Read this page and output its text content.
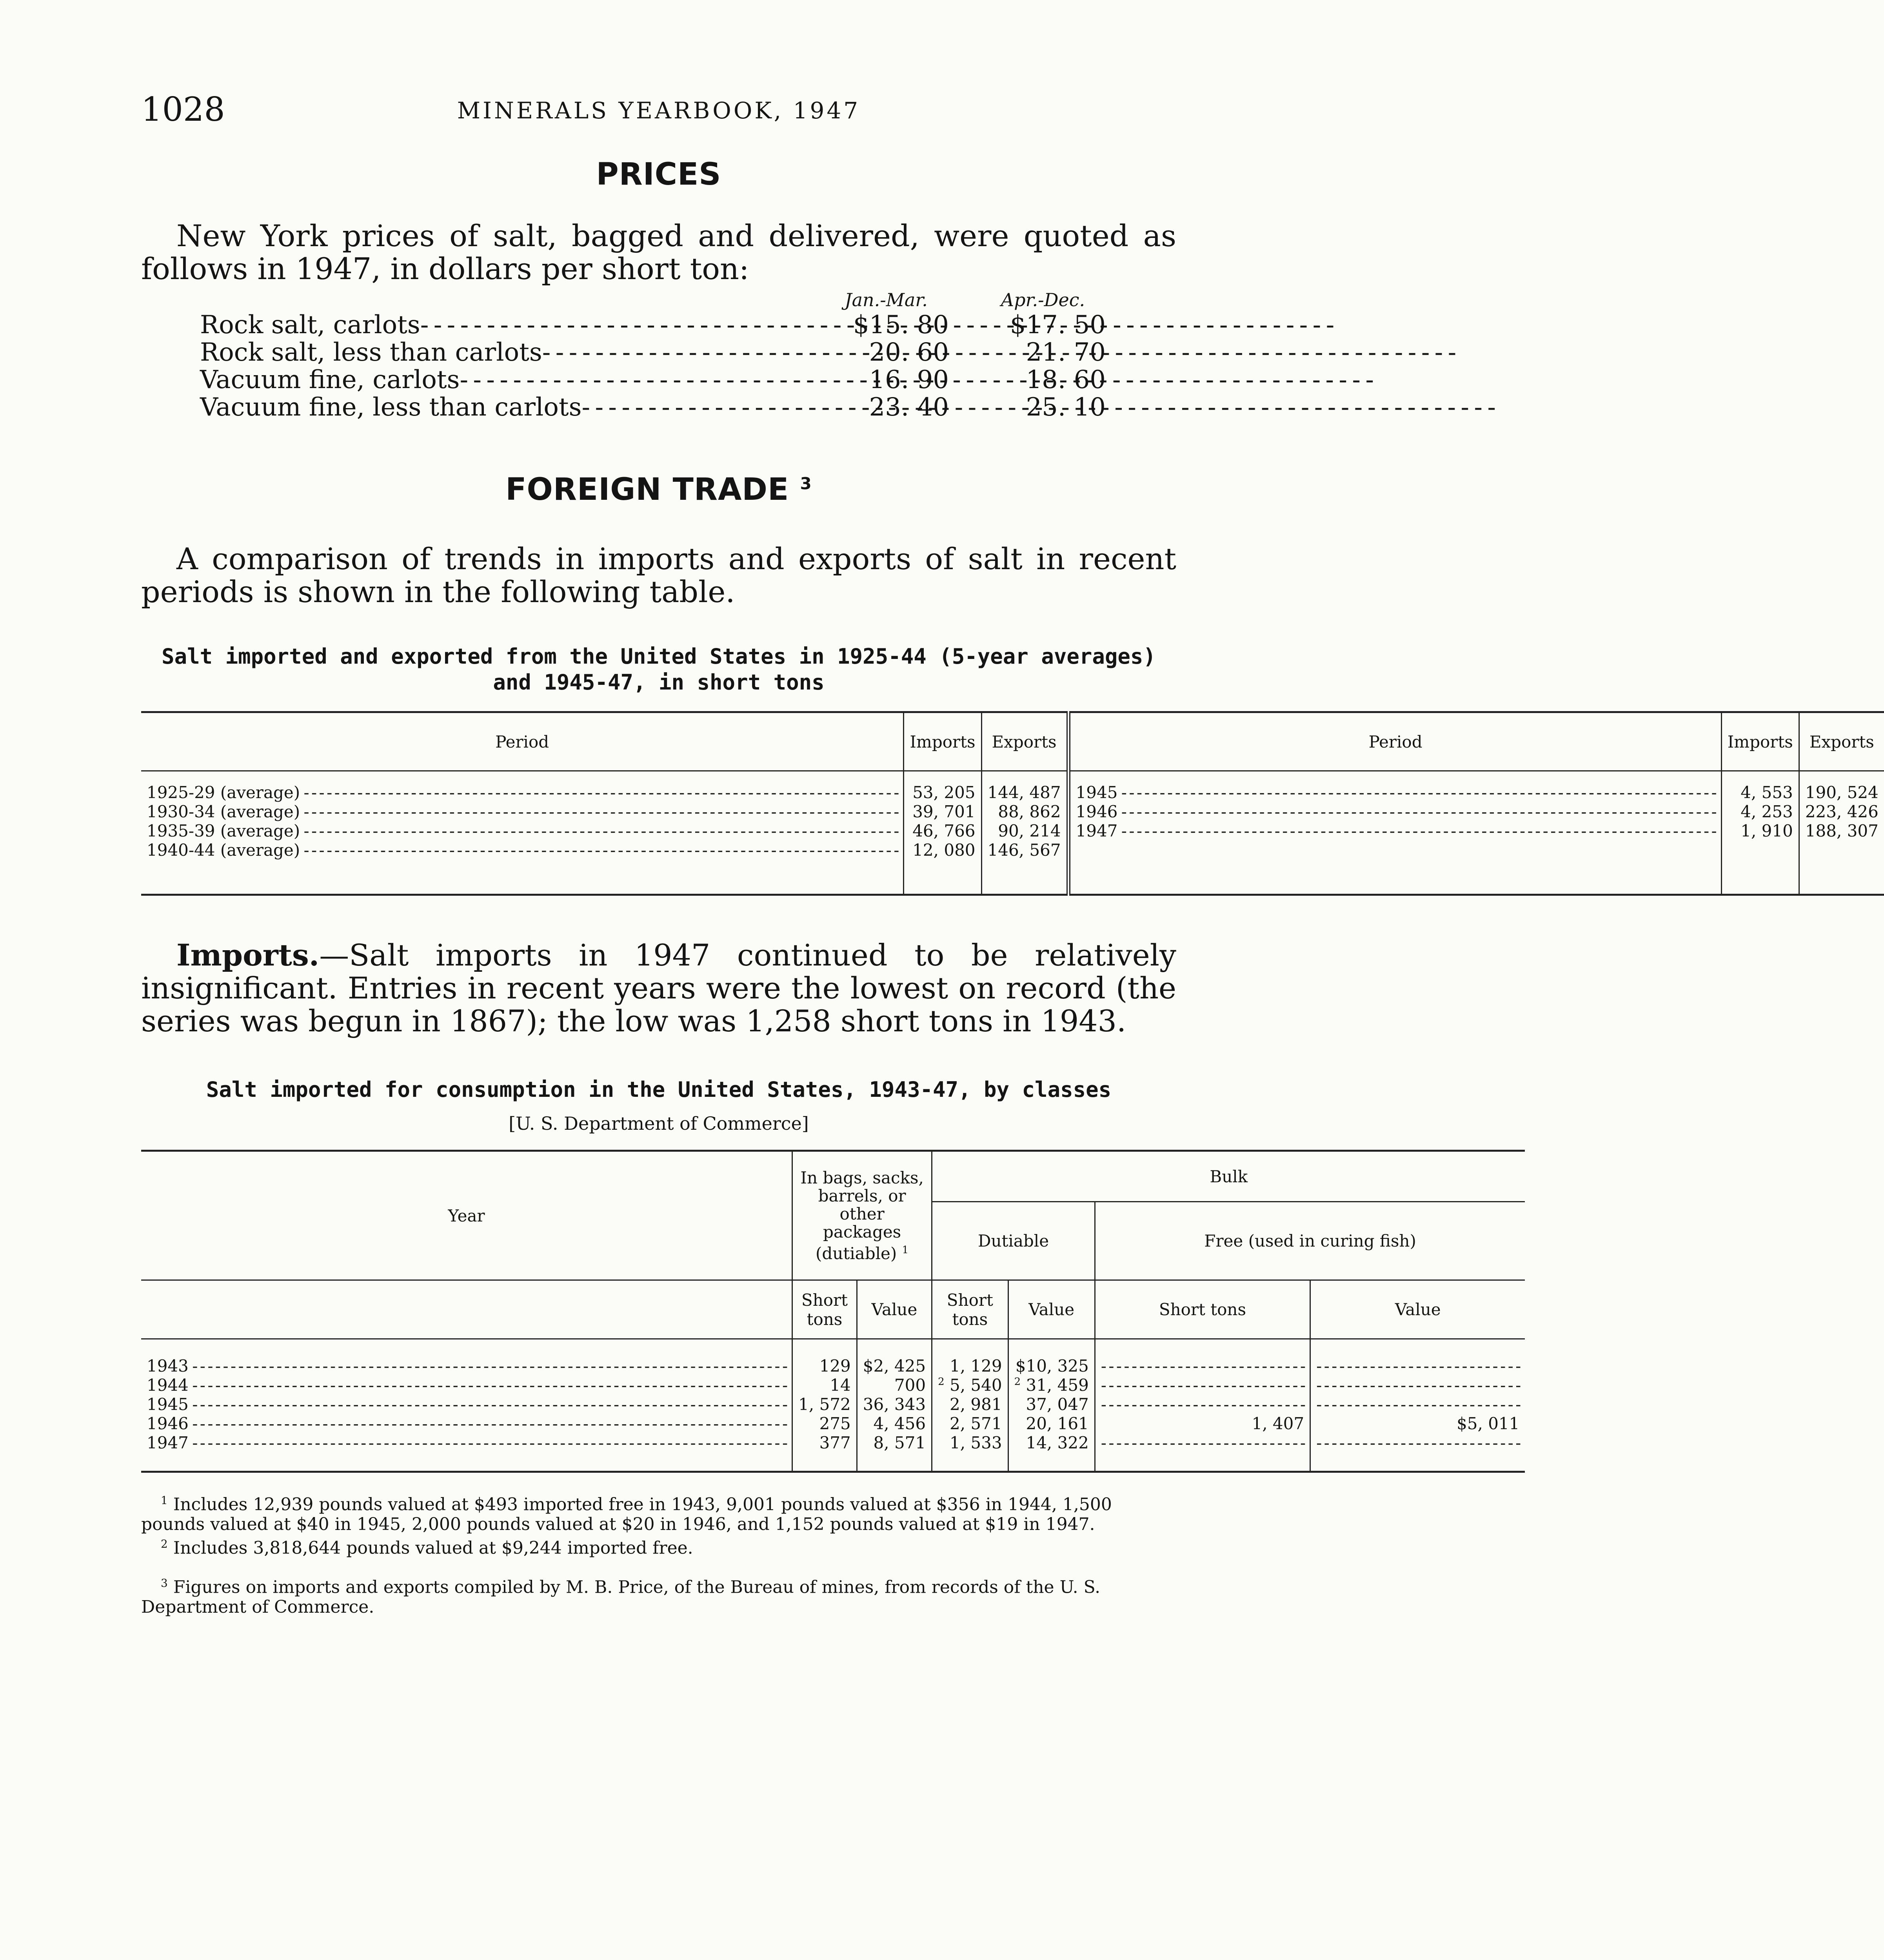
1028	MINERALS YEARBOOK, 1947
PRICES

New York prices of salt, bagged and delivered, were quoted as follows in 1947, in dollars per short ton:

Jan.-Mar.	Apr.-Dec.
Rock salt, carlots - - -	$15. 80 $17. 50
Rock salt, less than carlots - - -	20. 60	21. 70
Vacuum fine, carlots - - -	16. 90	18. 60
Vacuum fine, less than carlots - - -	23. 40	25. 10
FOREIGN TRADE $^3$

A comparison of trends in imports and exports of salt in recent periods is shown in the following table.

Salt imported and exported from the United States in 1925-44 (5-year averages) and 1945-47, in short tons
Period	Imports	Exports	Period	Imports	Exports

1925-29 (average) - - -	53, 205	144, 487	1945 - - -	4, 553	190, 524
1930-34 (average) - - -	39, 701	88, 862	1946 - - -	4, 253	223, 426
1935-39 (average) - - -	46, 766	90, 214	1947 - - -	1, 910	188, 307
1940-44 (average) - - -	12, 080	146, 567			

Imports.—Salt imports in 1947 continued to be relatively insignificant. Entries in recent years were the lowest on record (the series was begun in 1867); the low was 1,258 short tons in 1943.

Salt imported for consumption in the United States, 1943-47, by classes
[U. S. Department of Commerce]
Year	In bags, sacks, barrels, or other packages (dutiable) $^1$		Bulk			
			Dutiable		Free (used in curing fish)	
	Short tons	Value	Short tons	Value	Short tons	Value

1943 - - -	129	$2, 425	1, 129	$10, 325	- - -	- - -
1944 - - -	14	700	$^2$ 5, 540	$^2$ 31, 459	- - -	- - -
1945 - - -	1, 572	36, 343	2, 981	37, 047	- - -	- - -
1946 - - -	275	4, 456	2, 571	20, 161	1, 407	$5, 011
1947 - - -	377	8, 571	1, 533	14, 322	- - -	- - -

$^1$ Includes 12,939 pounds valued at $493 imported free in 1943, 9,001 pounds valued at $356 in 1944, 1,500 pounds valued at $40 in 1945, 2,000 pounds valued at $20 in 1946, and 1,152 pounds valued at $19 in 1947.

$^2$ Includes 3,818,644 pounds valued at $9,244 imported free.

$^3$ Figures on imports and exports compiled by M. B. Price, of the Bureau of mines, from records of the U. S. Department of Commerce.
